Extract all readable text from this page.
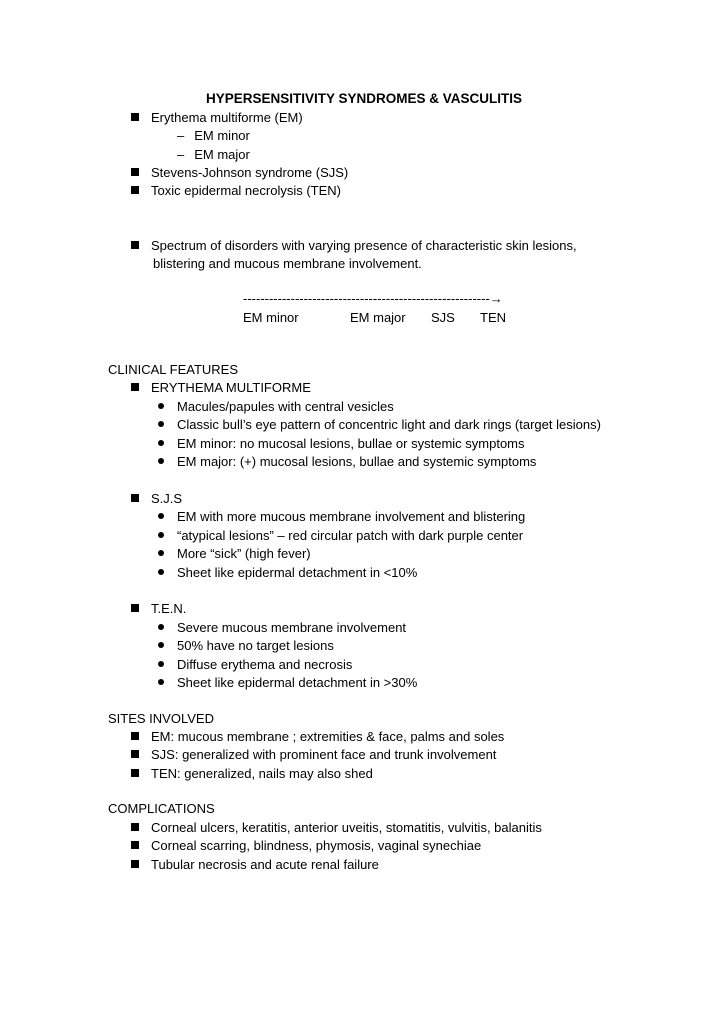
HYPERSENSITIVITY SYNDROMES & VASCULITIS
Erythema multiforme (EM)
– EM minor
– EM major
Stevens-Johnson syndrome (SJS)
Toxic epidermal necrolysis (TEN)
Spectrum of disorders with varying presence of characteristic skin lesions,
blistering and mucous membrane involvement.
---------------------------------------------------------→
EM minor	EM major SJS TEN
CLINICAL FEATURES
ERYTHEMA MULTIFORME
Macules/papules with central vesicles
Classic bull’s eye pattern of concentric light and dark rings (target lesions)
EM minor: no mucosal lesions, bullae or systemic symptoms
EM major: (+) mucosal lesions, bullae and systemic symptoms
S.J.S
EM with more mucous membrane involvement and blistering
“atypical lesions” – red circular patch with dark purple center
More “sick” (high fever)
Sheet like epidermal detachment in <10%
T.E.N.
Severe mucous membrane involvement
50% have no target lesions
Diffuse erythema and necrosis
Sheet like epidermal detachment in >30%
SITES INVOLVED
EM: mucous membrane ; extremities & face, palms and soles
SJS: generalized with prominent face and trunk involvement
TEN: generalized, nails may also shed
COMPLICATIONS
Corneal ulcers, keratitis, anterior uveitis, stomatitis, vulvitis, balanitis
Corneal scarring, blindness, phymosis, vaginal synechiae
Tubular necrosis and acute renal failure
